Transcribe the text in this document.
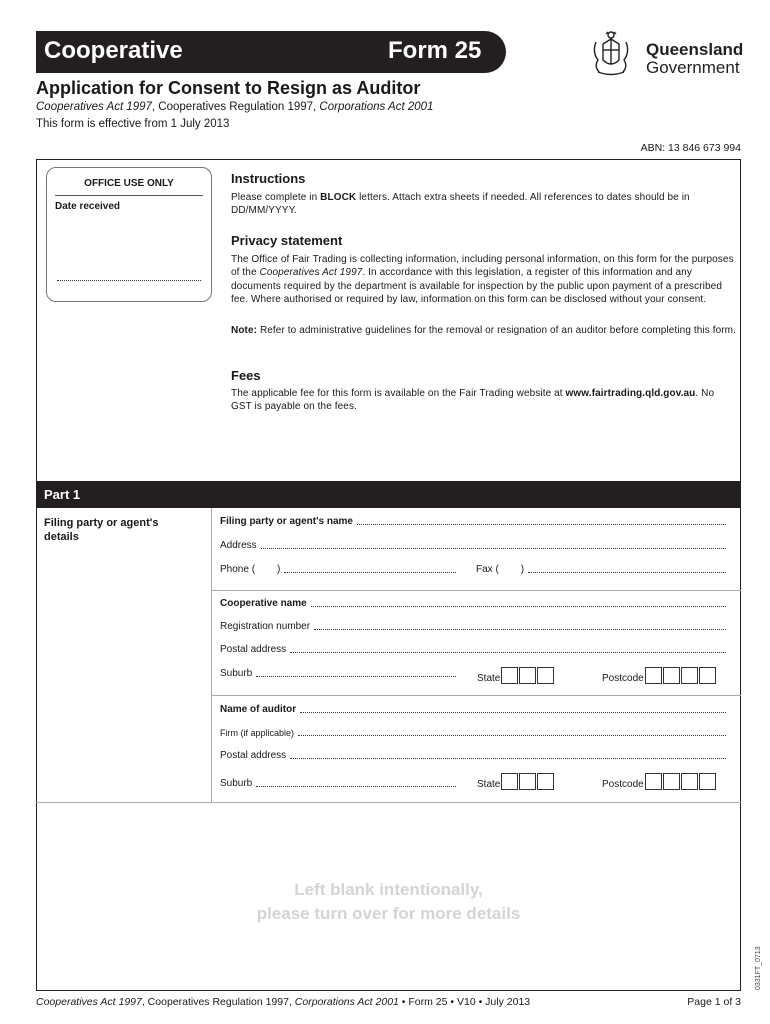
Cooperative	Form 25	Queensland
Government
Application for Consent to Resign as Auditor
Cooperatives Act 1997, Cooperatives Regulation 1997, Corporations Act 2001
This form is effective from 1 July 2013
ABN: 13 846 673 994
OFFICE USE ONLY
Date received
Instructions
Please complete in BLOCK letters. Attach extra sheets if needed. All references to dates should be in DD/MM/YYYY.
Privacy statement
The Office of Fair Trading is collecting information, including personal information, on this form for the purposes of the Cooperatives Act 1997. In accordance with this legislation, a register of this information and any documents required by the department is available for inspection by the public upon payment of a prescribed fee. Where authorised or required by law, information on this form can be disclosed without your consent.
Note: Refer to administrative guidelines for the removal or resignation of an auditor before completing this form.
Fees
The applicable fee for this form is available on the Fair Trading website at www.fairtrading.qld.gov.au. No GST is payable on the fees.
Part 1
Filing party or agent's details
Filing party or agent's name
Address
Phone (	)	Fax (	)
Cooperative name
Registration number
Postal address
Suburb	State	Postcode
Name of auditor
Firm (if applicable)
Postal address
Suburb	State	Postcode
Left blank intentionally,
please turn over for more details
0331FT_0713
Cooperatives Act 1997, Cooperatives Regulation 1997, Corporations Act 2001 • Form 25 • V10 • July 2013	Page 1 of 3
